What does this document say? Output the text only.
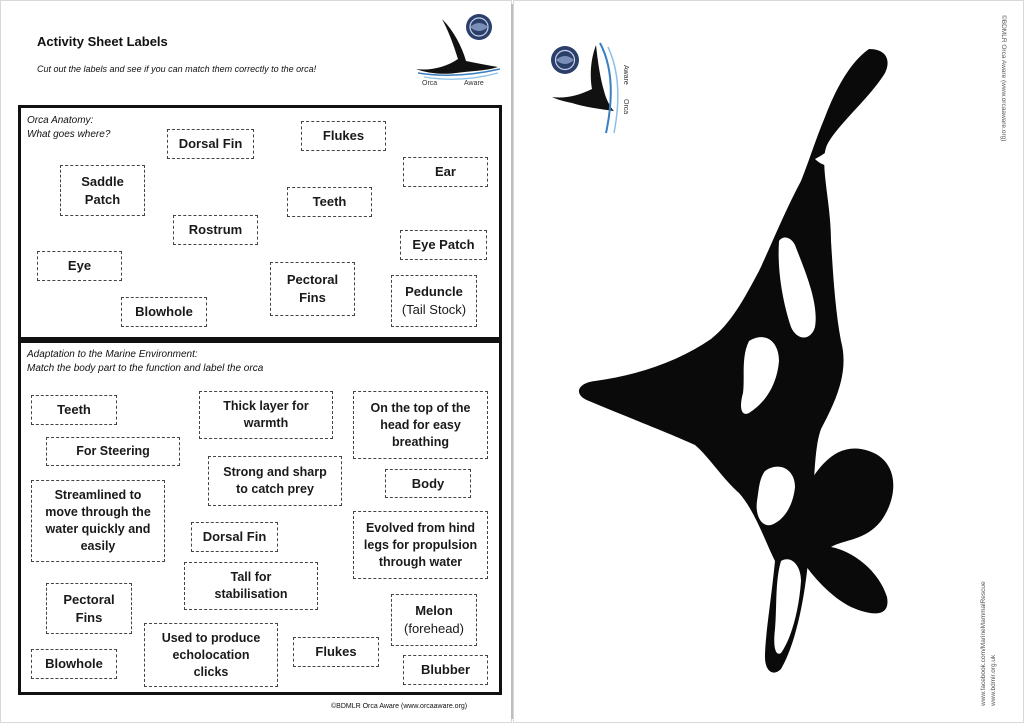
Activity Sheet Labels
Cut out the labels and see if you can match them correctly to the orca!
Orca	Aware
Orca Anatomy:
What goes where?
Dorsal Fin
Flukes
Ear
Saddle
Patch	Teeth
Rostrum
Eye Patch
Eye
Pectoral
Fins	Peduncle
(Tail Stock)
Blowhole
Adaptation to the Marine Environment:
Match the body part to the function and label the orca
Teeth	Thick layer for
warmth
On the top of the
head for easy
breathing
For Steering
Strong and sharp
to catch prey	Body
Streamlined to
move through the
water quickly and
easily
Dorsal Fin
Evolved from hind
legs for propulsion
through water
Tall for
stabilisation
Pectoral
Fins	Melon
(forehead)
Used to produce
echolocation
clicks
Flukes
Blowhole	Blubber
©BDMLR Orca Aware (www.orcaaware.org)
Orca
Aware	©BDMLR Orca Aware (www.orcaaware.org)
www.facebook.com/MarineMammalRescue www.bdmlr.org.uk
